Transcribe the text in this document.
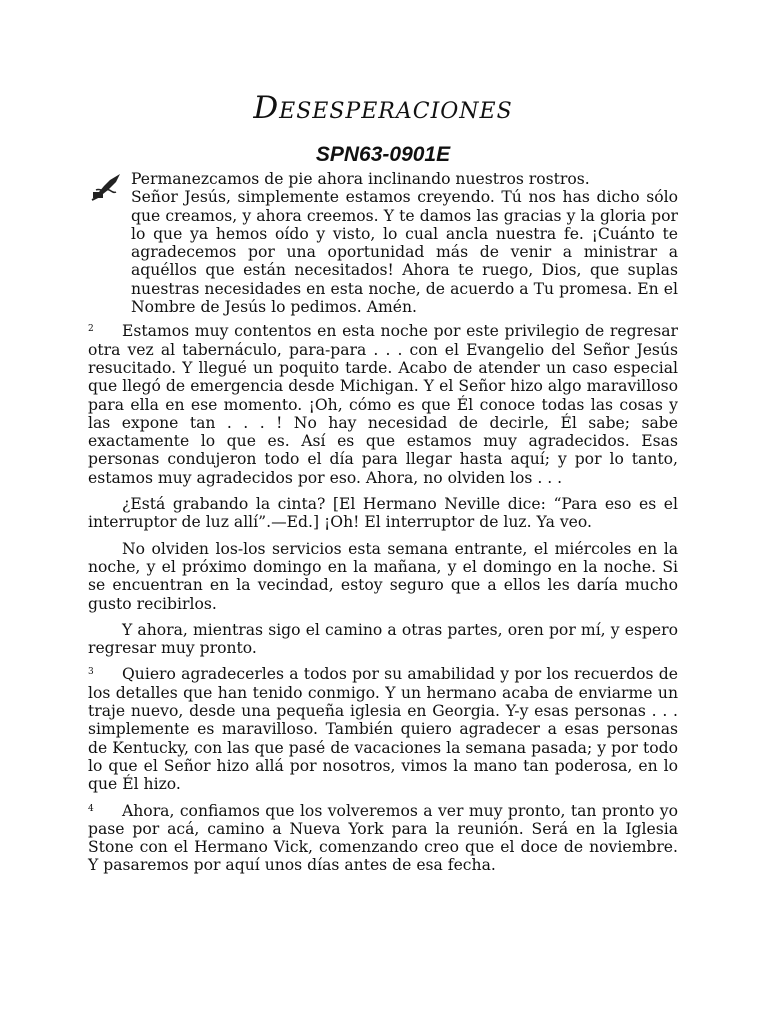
Desesperaciones
SPN63-0901E

Permanezcamos de pie ahora inclinando nuestros rostros.

Señor Jesús, simplemente estamos creyendo. Tú nos has dicho sólo que creamos, y ahora creemos. Y te damos las gracias y la gloria por lo que ya hemos oído y visto, lo cual ancla nuestra fe. ¡Cuánto te agradecemos por una oportunidad más de venir a ministrar a aquéllos que están necesitados! Ahora te ruego, Dios, que suplas nuestras necesidades en esta noche, de acuerdo a Tu promesa. En el Nombre de Jesús lo pedimos. Amén.

2 Estamos muy contentos en esta noche por este privilegio de regresar otra vez al tabernáculo, para-para . . . con el Evangelio del Señor Jesús resucitado. Y llegué un poquito tarde. Acabo de atender un caso especial que llegó de emergencia desde Michigan. Y el Señor hizo algo maravilloso para ella en ese momento. ¡Oh, cómo es que Él conoce todas las cosas y las expone tan . . . ! No hay necesidad de decirle, Él sabe; sabe exactamente lo que es. Así es que estamos muy agradecidos. Esas personas condujeron todo el día para llegar hasta aquí; y por lo tanto, estamos muy agradecidos por eso. Ahora, no olviden los . . .

¿Está grabando la cinta? [El Hermano Neville dice: “Para eso es el interruptor de luz allí”.—Ed.] ¡Oh! El interruptor de luz. Ya veo.

No olviden los-los servicios esta semana entrante, el miércoles en la noche, y el próximo domingo en la mañana, y el domingo en la noche. Si se encuentran en la vecindad, estoy seguro que a ellos les daría mucho gusto recibirlos.

Y ahora, mientras sigo el camino a otras partes, oren por mí, y espero regresar muy pronto.

3 Quiero agradecerles a todos por su amabilidad y por los recuerdos de los detalles que han tenido conmigo. Y un hermano acaba de enviarme un traje nuevo, desde una pequeña iglesia en Georgia. Y-y esas personas . . . simplemente es maravilloso. También quiero agradecer a esas personas de Kentucky, con las que pasé de vacaciones la semana pasada; y por todo lo que el Señor hizo allá por nosotros, vimos la mano tan poderosa, en lo que Él hizo.

4 Ahora, confiamos que los volveremos a ver muy pronto, tan pronto yo pase por acá, camino a Nueva York para la reunión. Será en la Iglesia Stone con el Hermano Vick, comenzando creo que el doce de noviembre. Y pasaremos por aquí unos días antes de esa fecha.
